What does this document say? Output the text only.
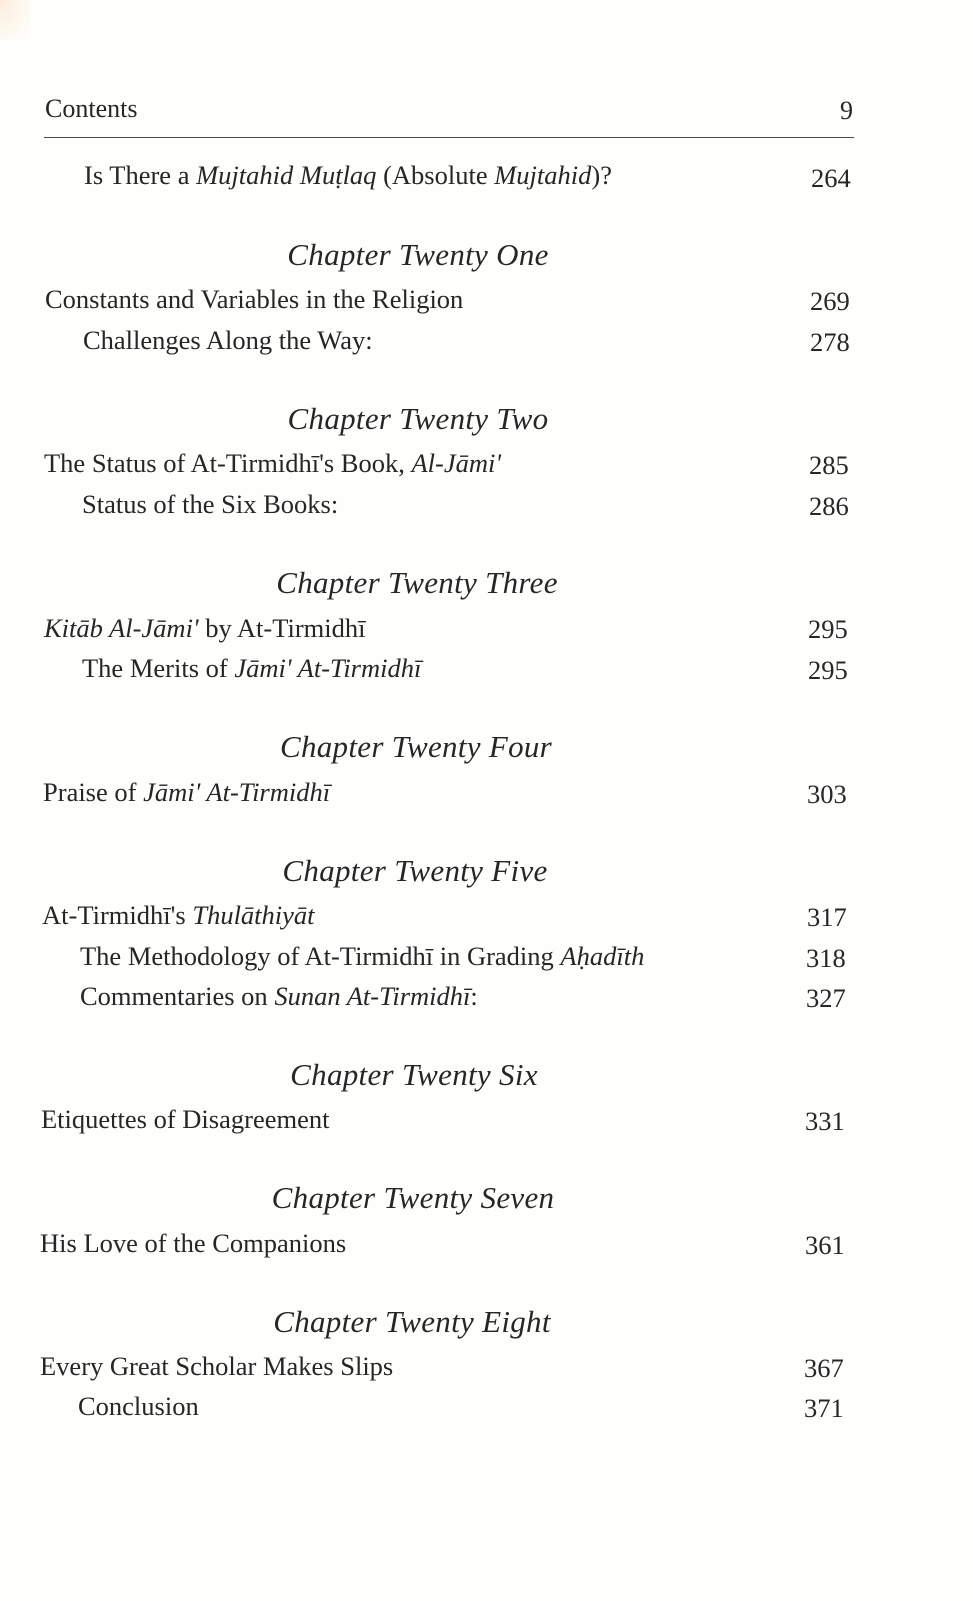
Contents	9
Is There a Mujtahid Muṭlaq (Absolute Mujtahid)?	264
Chapter Twenty One
Constants and Variables in the Religion	269
Challenges Along the Way:	278
Chapter Twenty Two
The Status of At-Tirmidhī's Book, Al-Jāmi'	285
Status of the Six Books:	286
Chapter Twenty Three
Kitāb Al-Jāmi' by At-Tirmidhī	295
The Merits of Jāmi' At-Tirmidhī	295
Chapter Twenty Four
Praise of Jāmi' At-Tirmidhī	303
Chapter Twenty Five
At-Tirmidhī's Thulāthiyāt	317
The Methodology of At-Tirmidhī in Grading Aḥadīth	318
Commentaries on Sunan At-Tirmidhī:	327
Chapter Twenty Six
Etiquettes of Disagreement	331
Chapter Twenty Seven
His Love of the Companions	361
Chapter Twenty Eight
Every Great Scholar Makes Slips	367
Conclusion	371
